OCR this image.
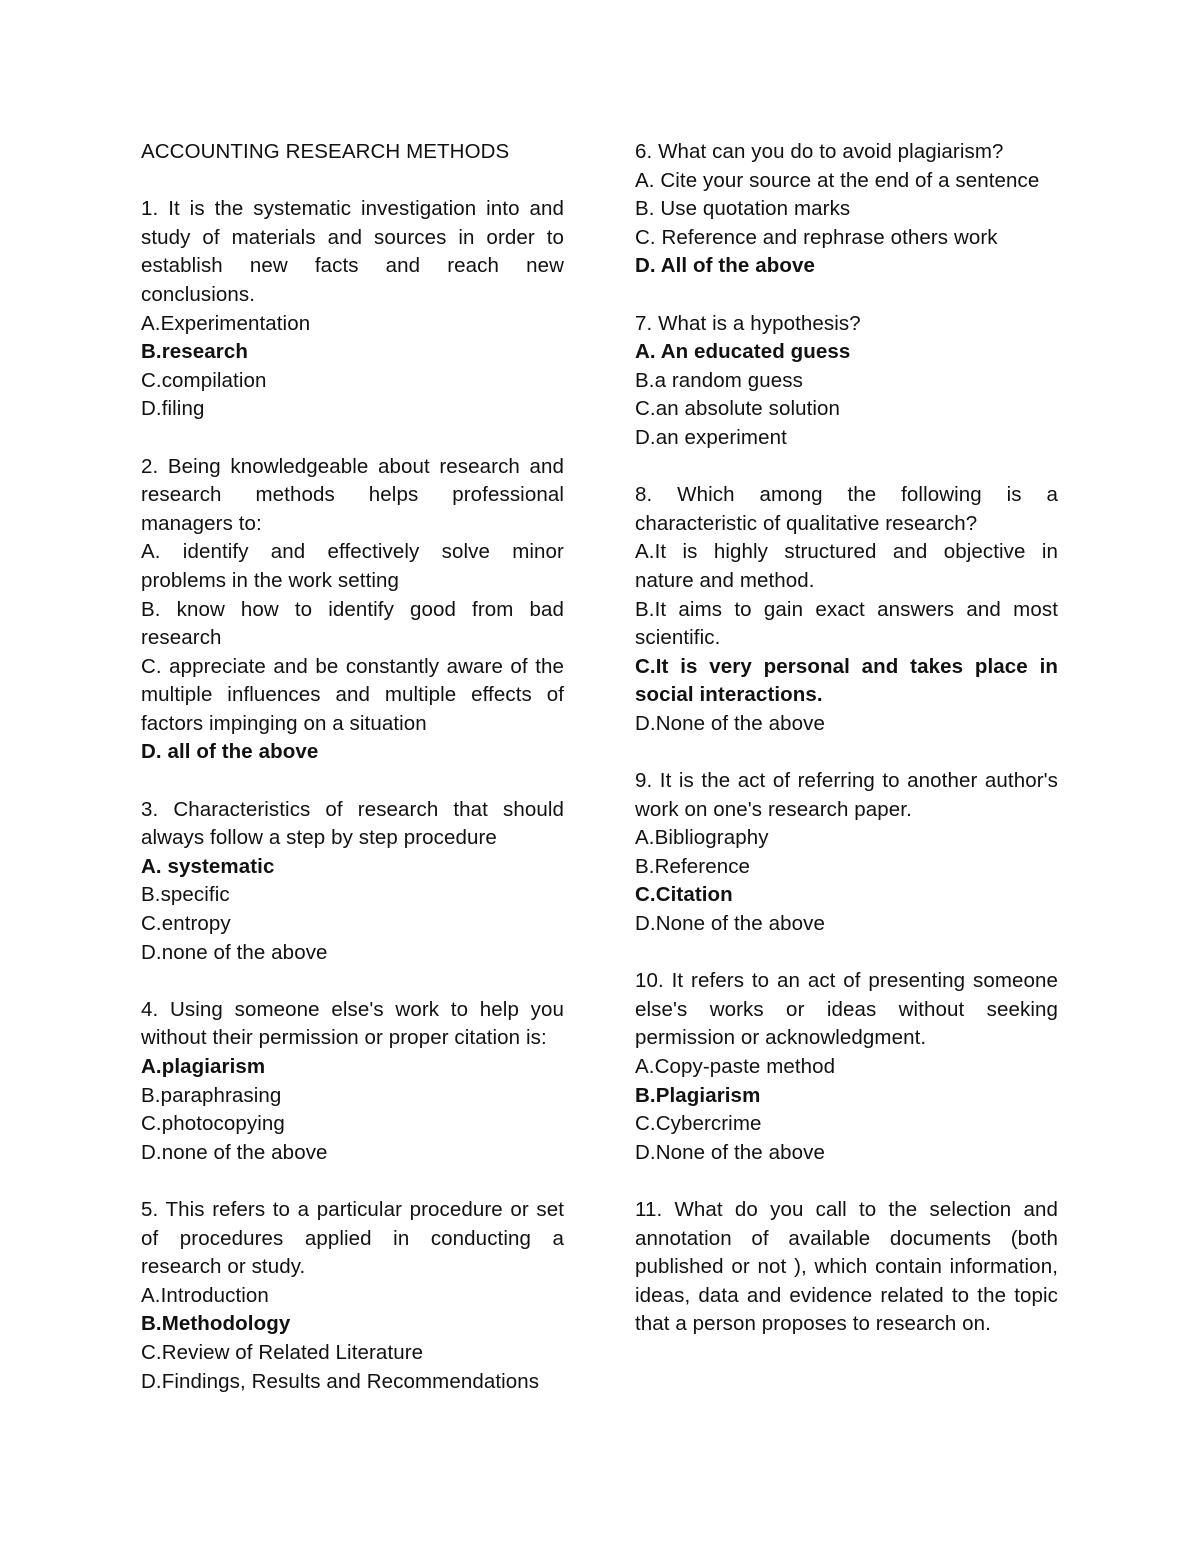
ACCOUNTING RESEARCH METHODS

1. It is the systematic investigation into and study of materials and sources in order to establish new facts and reach new conclusions.

A.Experimentation

B.research

C.compilation

D.filing

2. Being knowledgeable about research and research methods helps professional managers to:

A. identify and effectively solve minor problems in the work setting

B. know how to identify good from bad research

C. appreciate and be constantly aware of the multiple influences and multiple effects of factors impinging on a situation

D. all of the above

3. Characteristics of research that should always follow a step by step procedure

A. systematic

B.specific

C.entropy

D.none of the above

4. Using someone else's work to help you without their permission or proper citation is:

A.plagiarism

B.paraphrasing

C.photocopying

D.none of the above

5. This refers to a particular procedure or set of procedures applied in conducting a research or study.

A.Introduction

B.Methodology

C.Review of Related Literature

D.Findings, Results and Recommendations

6. What can you do to avoid plagiarism?

A. Cite your source at the end of a sentence

B. Use quotation marks

C. Reference and rephrase others work

D. All of the above

7. What is a hypothesis?

A. An educated guess

B.a random guess

C.an absolute solution

D.an experiment

8. Which among the following is a characteristic of qualitative research?

A.It is highly structured and objective in nature and method.

B.It aims to gain exact answers and most scientific.

C.It is very personal and takes place in social interactions.

D.None of the above

9. It is the act of referring to another author's work on one's research paper.

A.Bibliography

B.Reference

C.Citation

D.None of the above

10. It refers to an act of presenting someone else's works or ideas without seeking permission or acknowledgment.

A.Copy-paste method

B.Plagiarism

C.Cybercrime

D.None of the above

11. What do you call to the selection and annotation of available documents (both published or not ), which contain information, ideas, data and evidence related to the topic that a person proposes to research on.
